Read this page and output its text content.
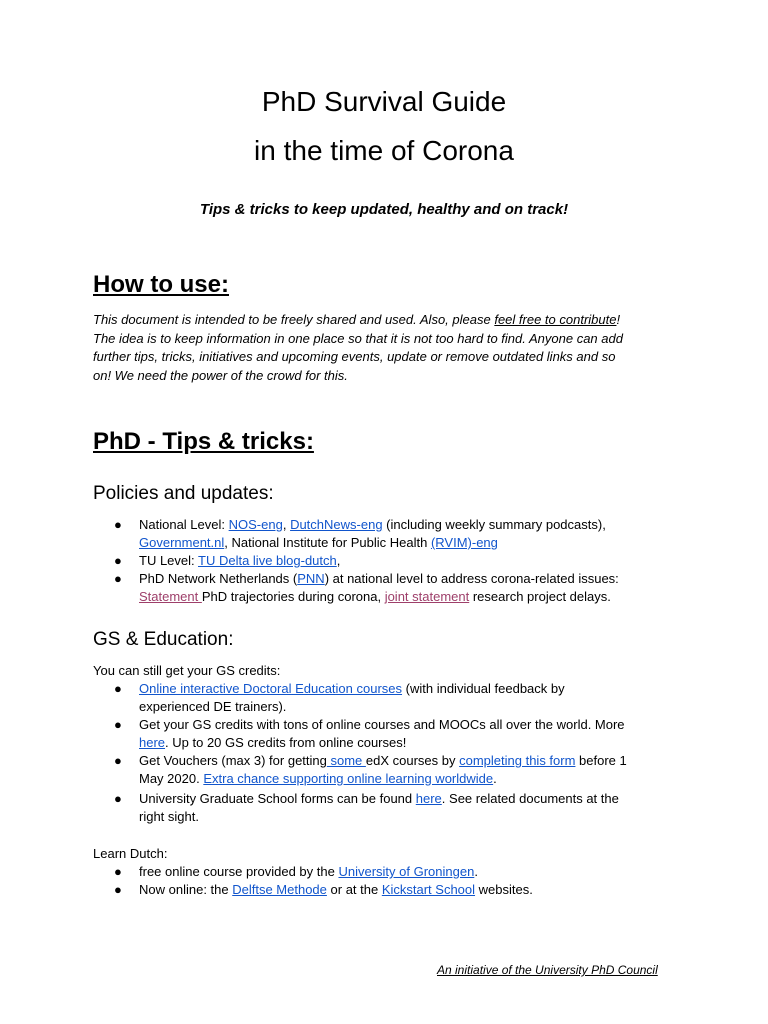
PhD Survival Guide
in the time of Corona
Tips & tricks to keep updated, healthy and on track!
How to use:
This document is intended to be freely shared and used. Also, please feel free to contribute!
The idea is to keep information in one place so that it is not too hard to find. Anyone can add
further tips, tricks, initiatives and upcoming events, update or remove outdated links and so
on! We need the power of the crowd for this.
PhD - Tips & tricks:
Policies and updates:
● National Level: NOS-eng, DutchNews-eng (including weekly summary podcasts),
Government.nl, National Institute for Public Health (RVIM)-eng
● TU Level: TU Delta live blog-dutch,
● PhD Network Netherlands (PNN) at national level to address corona-related issues:
Statement PhD trajectories during corona, joint statement research project delays.
GS & Education:
You can still get your GS credits:
● Online interactive Doctoral Education courses (with individual feedback by
experienced DE trainers).
● Get your GS credits with tons of online courses and MOOCs all over the world. More
here. Up to 20 GS credits from online courses!
● Get Vouchers (max 3) for getting some edX courses by completing this form before 1
May 2020. Extra chance supporting online learning worldwide.
● University Graduate School forms can be found here. See related documents at the
right sight.
Learn Dutch:
● free online course provided by the University of Groningen.
● Now online: the Delftse Methode or at the Kickstart School websites.
An initiative of the University PhD Council
